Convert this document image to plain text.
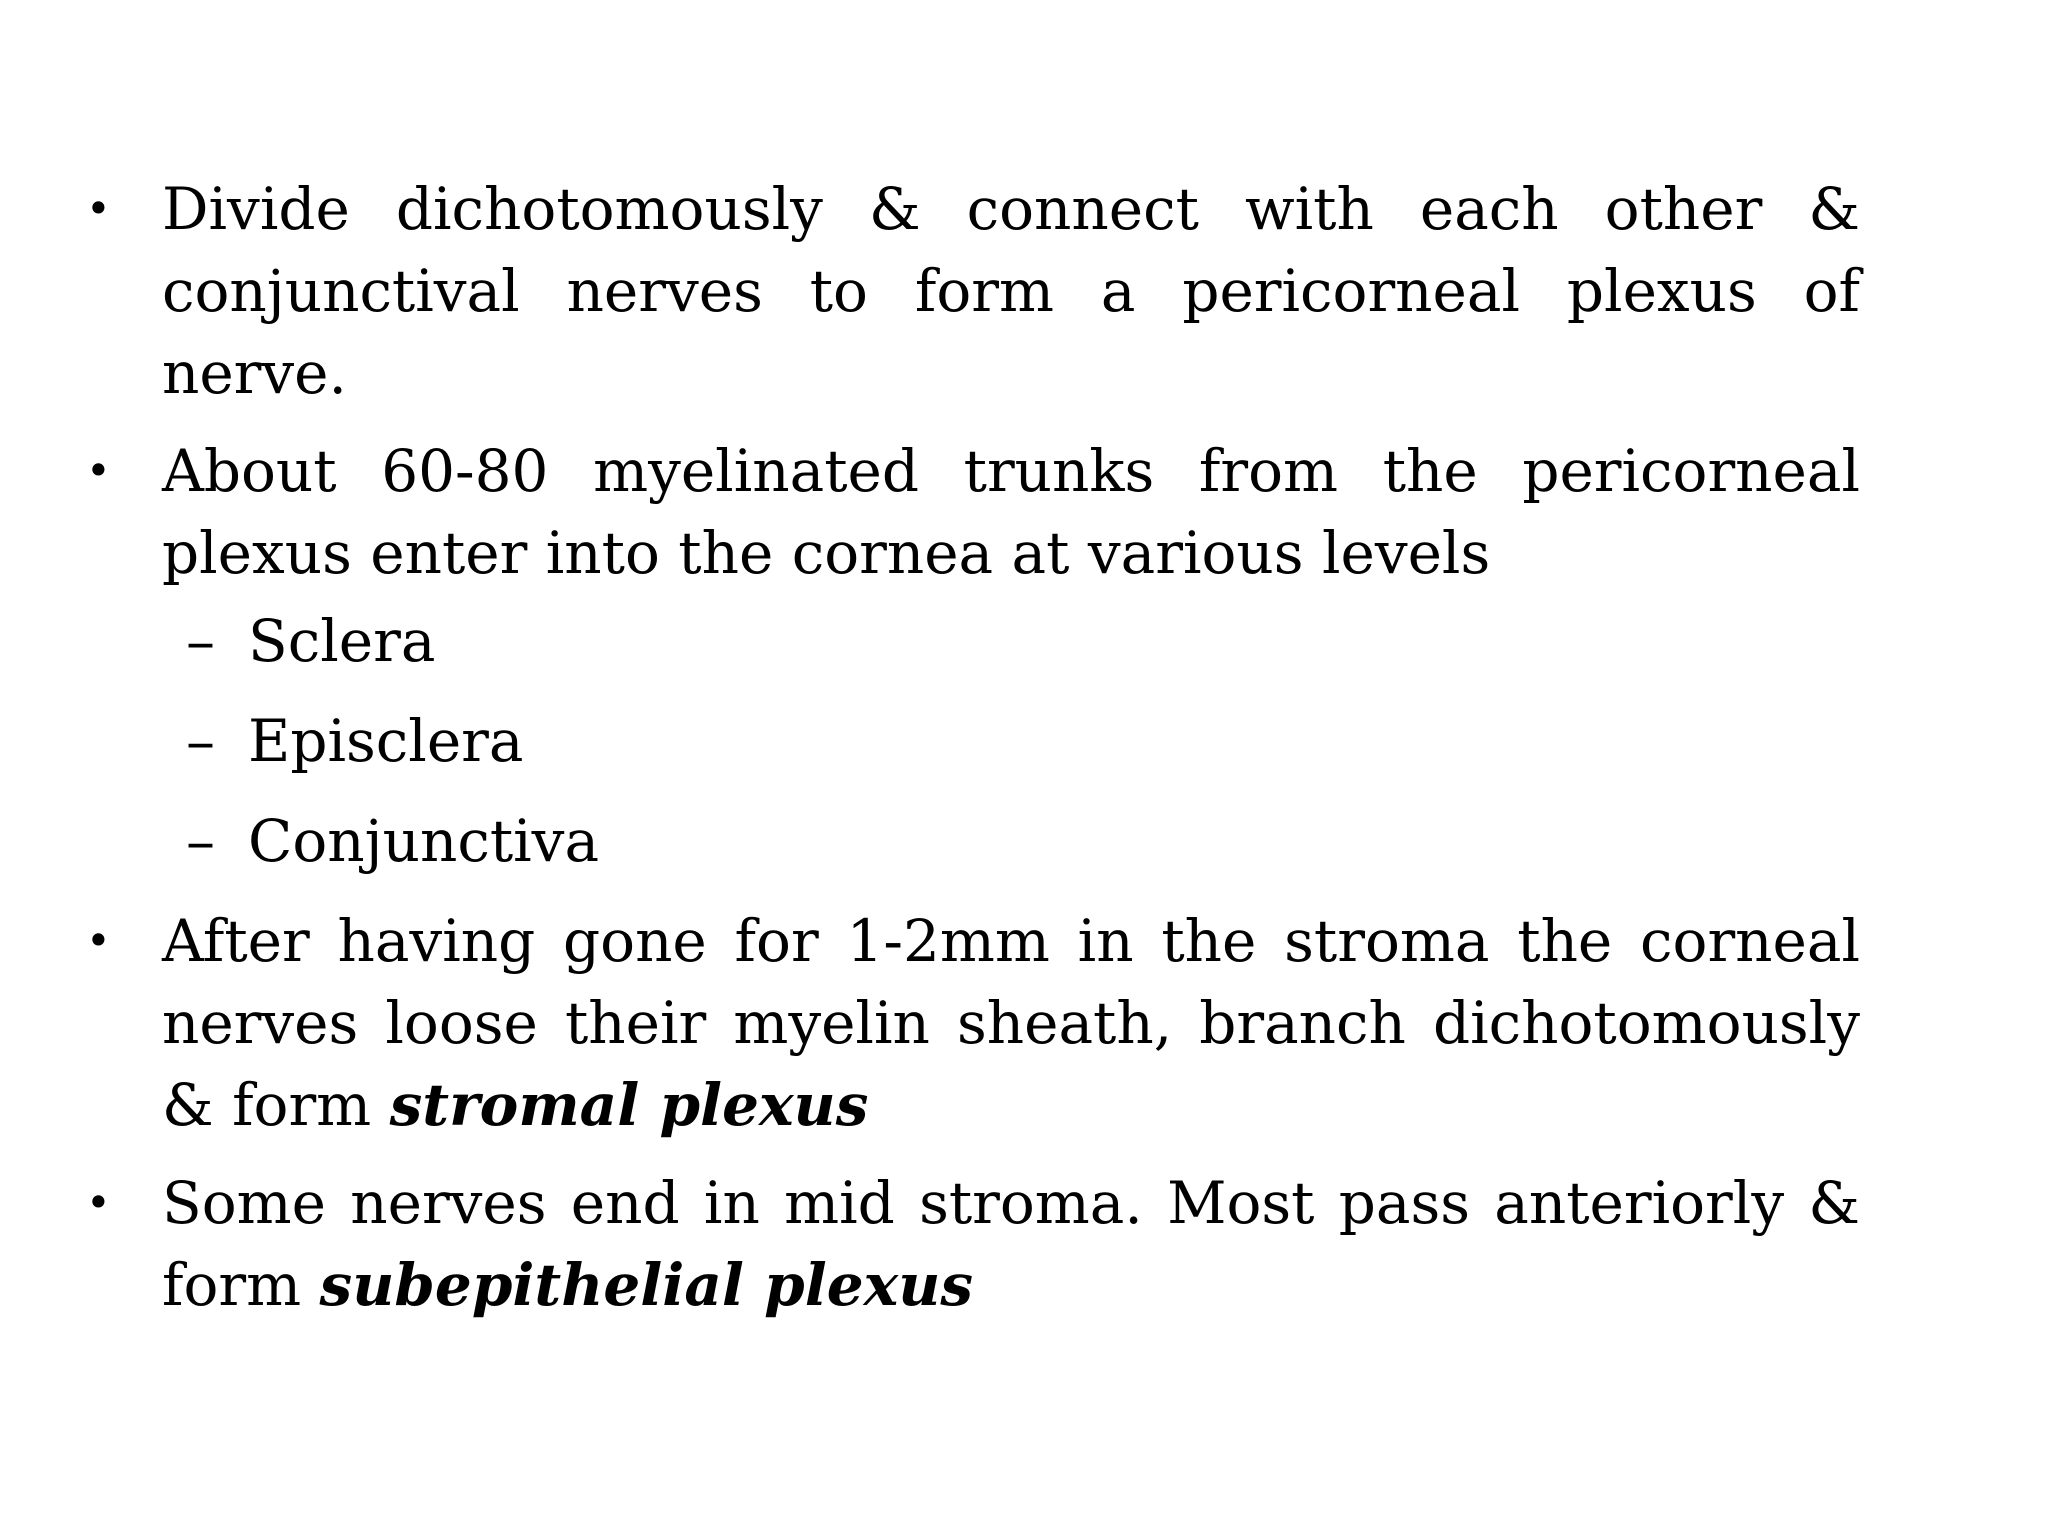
• Divide dichotomously & connect with each other & conjunctival nerves to form a pericorneal plexus of nerve.
• About 60-80 myelinated trunks from the pericorneal plexus enter into the cornea at various levels
– Sclera
– Episclera
– Conjunctiva
• After having gone for 1-2mm in the stroma the corneal nerves loose their myelin sheath, branch dichotomously & form stromal plexus
• Some nerves end in mid stroma. Most pass anteriorly & form subepithelial plexus
